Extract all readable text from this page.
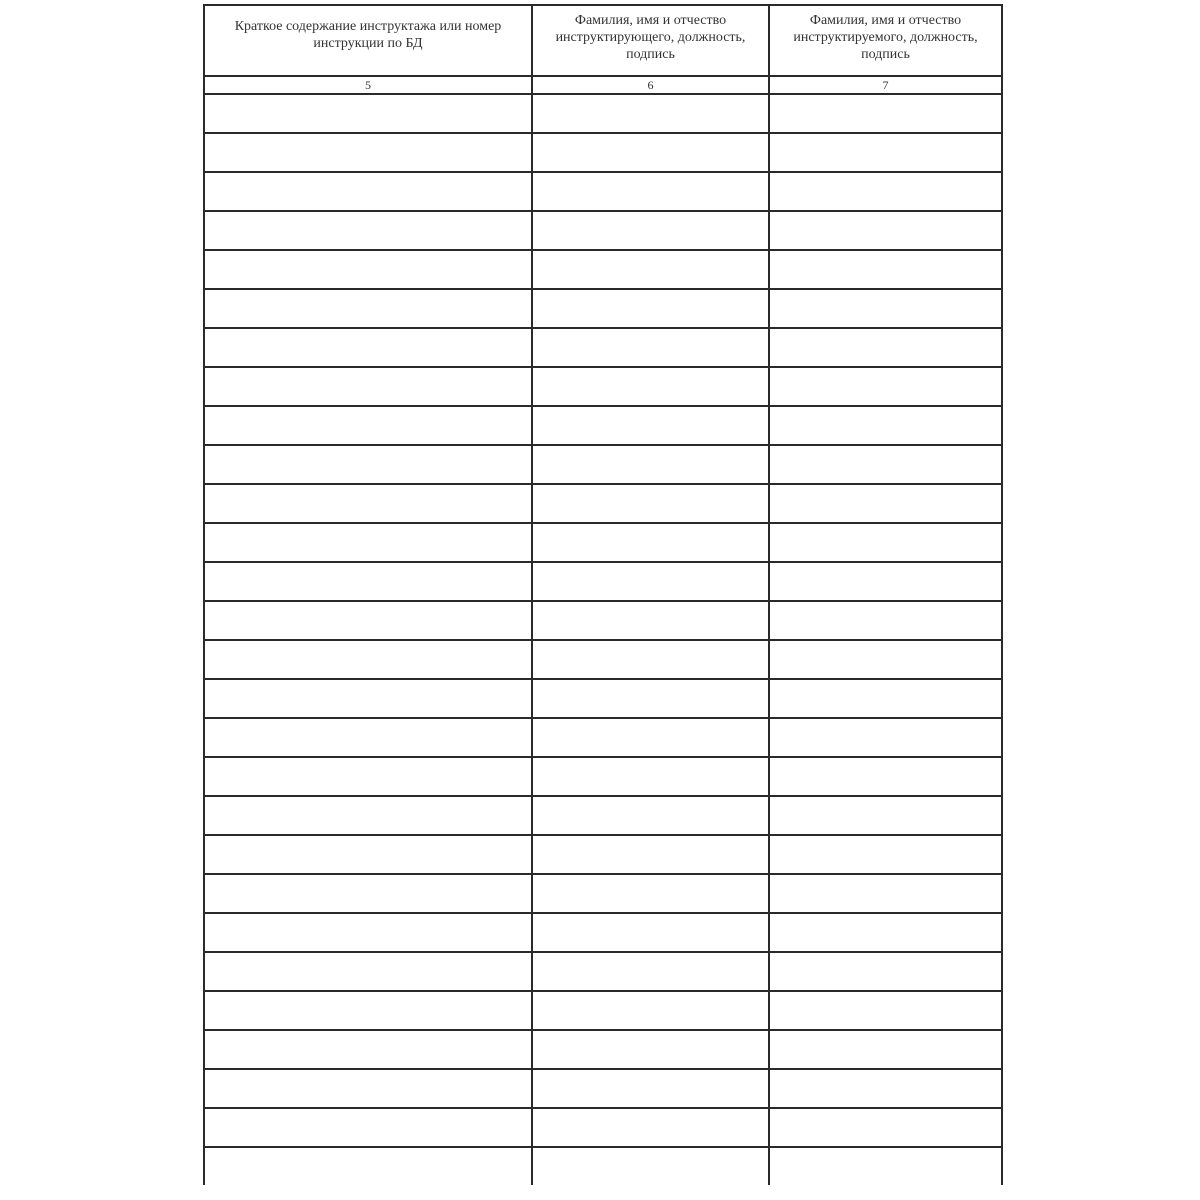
Краткое содержание инструктажа или номер инструкции по БД	Фамилия, имя и отчество инструктирующего, должность, подпись	Фамилия, имя и отчество инструктируемого, должность, подпись
5	6	7
